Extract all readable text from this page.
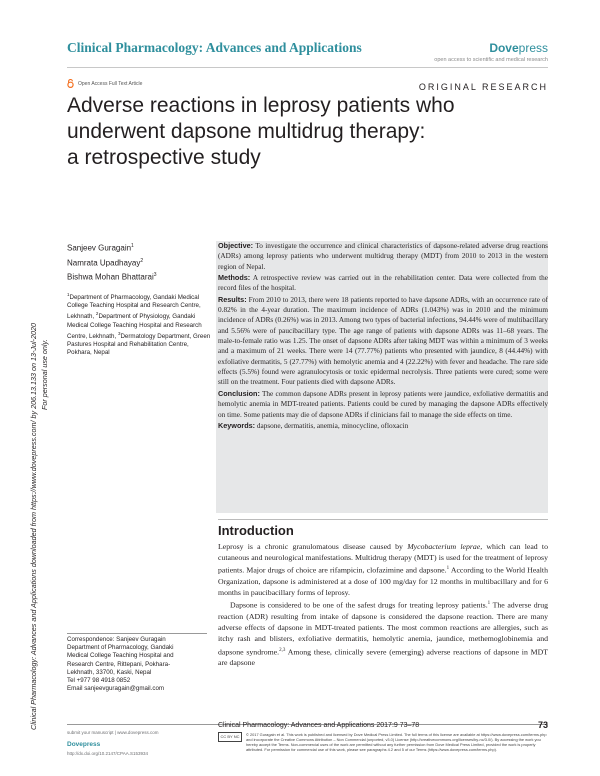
Clinical Pharmacology: Advances and Applications	Dovepress
open access to scientific and medical research
Open Access Full Text Article	ORIGINAL RESEARCH
Adverse reactions in leprosy patients who
underwent dapsone multidrug therapy:
a retrospective study
Clinical Pharmacology: Advances and Applications downloaded from https://www.dovepress.com/ by 206.13.133 on 13-Jul-2020 For personal use only.
Sanjeev Guragain$^1$
Namrata Upadhayay$^2$
Bishwa Mohan Bhattarai$^3$
$^1$Department of Pharmacology, Gandaki Medical College Teaching Hospital and Research Centre, Lekhnath, $^2$Department of Physiology, Gandaki Medical College Teaching Hospital and Research Centre, Lekhnath, $^3$Dermatology Department, Green Pastures Hospital and Rehabilitation Centre, Pokhara, Nepal
Correspondence: Sanjeev Guragain
Department of Pharmacology, Gandaki
Medical College Teaching Hospital and
Research Centre, Rittepani, Pokhara-
Lekhnath, 33700, Kaski, Nepal
Tel +977 98 4918 0852
Email sanjeevguragain@gmail.com

Objective: To investigate the occurrence and clinical characteristics of dapsone-related adverse drug reactions (ADRs) among leprosy patients who underwent multidrug therapy (MDT) from 2010 to 2013 in the western region of Nepal.

Methods: A retrospective review was carried out in the rehabilitation center. Data were collected from the record files of the hospital.

Results: From 2010 to 2013, there were 18 patients reported to have dapsone ADRs, with an occurrence rate of 0.82% in the 4-year duration. The maximum incidence of ADRs (1.043%) was in 2010 and the minimum incidence of ADRs (0.26%) was in 2013. Among two types of bacterial infections, 94.44% were of multibacillary and 5.56% were of paucibacillary type. The age range of patients with dapsone ADRs was 11–68 years. The male-to-female ratio was 1.25. The onset of dapsone ADRs after taking MDT was within a minimum of 3 weeks and a maximum of 21 weeks. There were 14 (77.77%) patients who presented with jaundice, 8 (44.44%) with exfoliative dermatitis, 5 (27.77%) with hemolytic anemia and 4 (22.22%) with fever and headache. The rare side effects (5.5%) found were agranulocytosis or toxic epidermal necrolysis. Three patients were cured; some were still on the treatment. Four patients died with dapsone ADRs.

Conclusion: The common dapsone ADRs present in leprosy patients were jaundice, exfoliative dermatitis and hemolytic anemia in MDT-treated patients. Patients could be cured by managing the dapsone ADRs effectively on time. Some patients may die of dapsone ADRs if clinicians fail to manage the side effects on time.

Keywords: dapsone, dermatitis, anemia, minocycline, ofloxacin

Introduction

Leprosy is a chronic granulomatous disease caused by Mycobacterium leprae, which can lead to cutaneous and neurological manifestations. Multidrug therapy (MDT) is used for the treatment of leprosy patients. Major drugs of choice are rifampicin, clofazimine and dapsone.$^1$ According to the World Health Organization, dapsone is administered at a dose of 100 mg/day for 12 months in multibacillary and for 6 months in paucibacillary forms of leprosy.

Dapsone is considered to be one of the safest drugs for treating leprosy patients.$^1$ The adverse drug reaction (ADR) resulting from intake of dapsone is considered the dapsone reaction. There are many adverse effects of dapsone in MDT-treated patients. The most common reactions are allergies, such as itchy rash and blisters, exfoliative dermatitis, hemolytic anemia, jaundice, methemoglobinemia and dapsone syndrome.$^{2,3}$ Among these, clinically severe (emerging) adverse reactions of dapsone in MDT are dapsone

submit your manuscript | www.dovepress.com
Dovepress
http://dx.doi.org/10.2147/CPAA.S153934
Clinical Pharmacology: Advances and Applications 2017:9 73–78	73
CC BY NC	© 2017 Guragain et al. This work is published and licensed by Dove Medical Press Limited. The full terms of this license are available at https://www.dovepress.com/terms.php and incorporate the Creative Commons Attribution – Non Commercial (unported, v3.0) License (http://creativecommons.org/licenses/by-nc/3.0/). By accessing the work you hereby accept the Terms. Non-commercial uses of the work are permitted without any further permission from Dove Medical Press Limited, provided the work is properly attributed. For permission for commercial use of this work, please see paragraphs 4.2 and 5 of our Terms (https://www.dovepress.com/terms.php).
